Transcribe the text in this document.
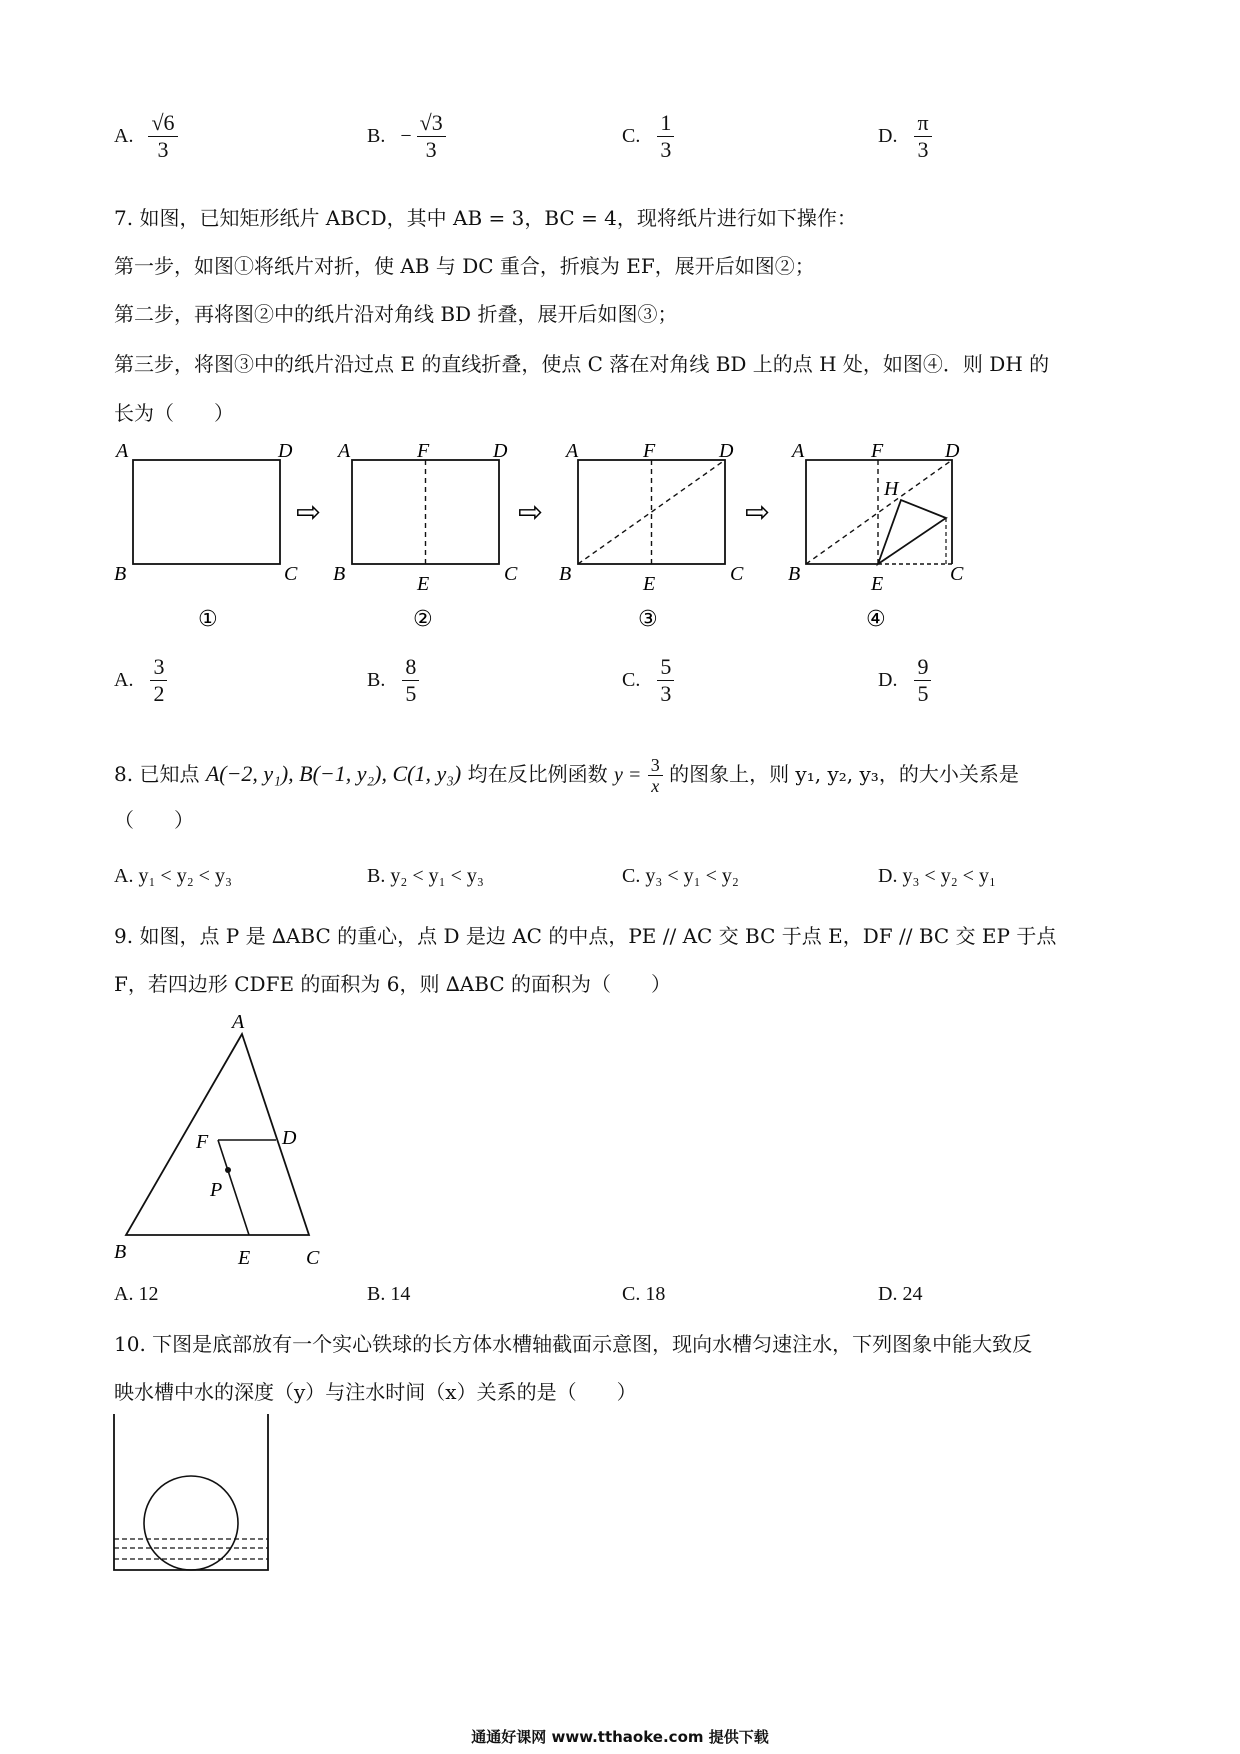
A. $\frac{√6}{3}$	B. − $\frac{√3}{3}$	C. $\frac{1}{3}$	D. $\frac{\pi}{3}$
7. 如图，已知矩形纸片 ABCD，其中 AB = 3，BC = 4，现将纸片进行如下操作：
第一步，如图①将纸片对折，使 AB 与 DC 重合，折痕为 EF，展开后如图②；
第二步，再将图②中的纸片沿对角线 BD 折叠，展开后如图③；
第三步，将图③中的纸片沿过点 E 的直线折叠，使点 C 落在对角线 BD 上的点 H 处，如图④．则 DH 的
长为（　　）
A	D
B	C
①
⇨
A	F	D
B	E	C
②
⇨
A	F	D
B	E	C
③
⇨
A	F	D
H
B	E	C
④
A. $\frac{3}{2}$	B. $\frac{8}{5}$	C. $\frac{5}{3}$	D. $\frac{9}{5}$
8. 已知点 A(−2, y₁), B(−1, y₂), C(1, y₃) 均在反比例函数 $y = \frac{3}{x}$ 的图象上，则 y₁, y₂, y₃，的大小关系是
（　　）
A. y₁ < y₂ < y₃	B. y₂ < y₁ < y₃	C. y₃ < y₁ < y₂	D. y₃ < y₂ < y₁
9. 如图，点 P 是 ∆ABC 的重心，点 D 是边 AC 的中点，PE // AC 交 BC 于点 E，DF // BC 交 EP 于点
F，若四边形 CDFE 的面积为 6，则 ∆ABC 的面积为（　　）
A
F	D
P
B	E	C
A. 12	B. 14	C. 18	D. 24
10. 下图是底部放有一个实心铁球的长方体水槽轴截面示意图，现向水槽匀速注水，下列图象中能大致反
映水槽中水的深度（y）与注水时间（x）关系的是（　　）
通通好课网 www.tthaoke.com 提供下载
